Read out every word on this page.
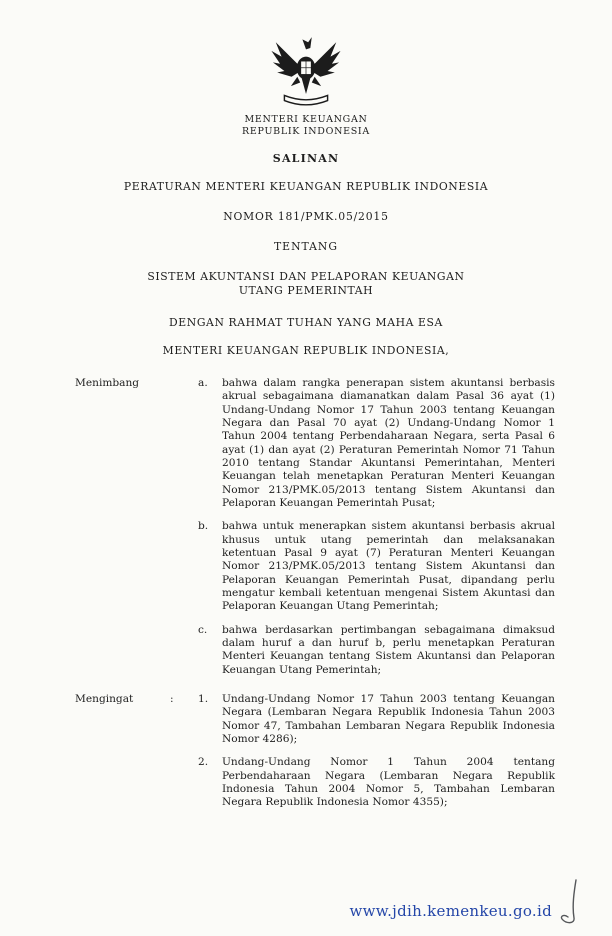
MENTERI KEUANGAN
REPUBLIK INDONESIA
SALINAN
PERATURAN MENTERI KEUANGAN REPUBLIK INDONESIA
NOMOR 181/PMK.05/2015
TENTANG
SISTEM AKUNTANSI DAN PELAPORAN KEUANGAN
UTANG PEMERINTAH
DENGAN RAHMAT TUHAN YANG MAHA ESA
MENTERI KEUANGAN REPUBLIK INDONESIA,
Menimbang	a.	bahwa dalam rangka penerapan sistem akuntansi berbasis akrual sebagaimana diamanatkan dalam Pasal 36 ayat (1) Undang-Undang Nomor 17 Tahun 2003 tentang Keuangan Negara dan Pasal 70 ayat (2) Undang-Undang Nomor 1 Tahun 2004 tentang Perbendaharaan Negara, serta Pasal 6 ayat (1) dan ayat (2) Peraturan Pemerintah Nomor 71 Tahun 2010 tentang Standar Akuntansi Pemerintahan, Menteri Keuangan telah menetapkan Peraturan Menteri Keuangan Nomor 213/PMK.05/2013 tentang Sistem Akuntansi dan Pelaporan Keuangan Pemerintah Pusat;
b.	bahwa untuk menerapkan sistem akuntansi berbasis akrual khusus untuk utang pemerintah dan melaksanakan ketentuan Pasal 9 ayat (7) Peraturan Menteri Keuangan Nomor 213/PMK.05/2013 tentang Sistem Akuntansi dan Pelaporan Keuangan Pemerintah Pusat, dipandang perlu mengatur kembali ketentuan mengenai Sistem Akuntasi dan Pelaporan Keuangan Utang Pemerintah;
c.	bahwa berdasarkan pertimbangan sebagaimana dimaksud dalam huruf a dan huruf b, perlu menetapkan Peraturan Menteri Keuangan tentang Sistem Akuntansi dan Pelaporan Keuangan Utang Pemerintah;
Mengingat	:	1.	Undang-Undang Nomor 17 Tahun 2003 tentang Keuangan Negara (Lembaran Negara Republik Indonesia Tahun 2003 Nomor 47, Tambahan Lembaran Negara Republik Indonesia Nomor 4286);
2.	Undang-Undang Nomor 1 Tahun 2004 tentang Perbendaharaan Negara (Lembaran Negara Republik Indonesia Tahun 2004 Nomor 5, Tambahan Lembaran Negara Republik Indonesia Nomor 4355);
www.jdih.kemenkeu.go.id
